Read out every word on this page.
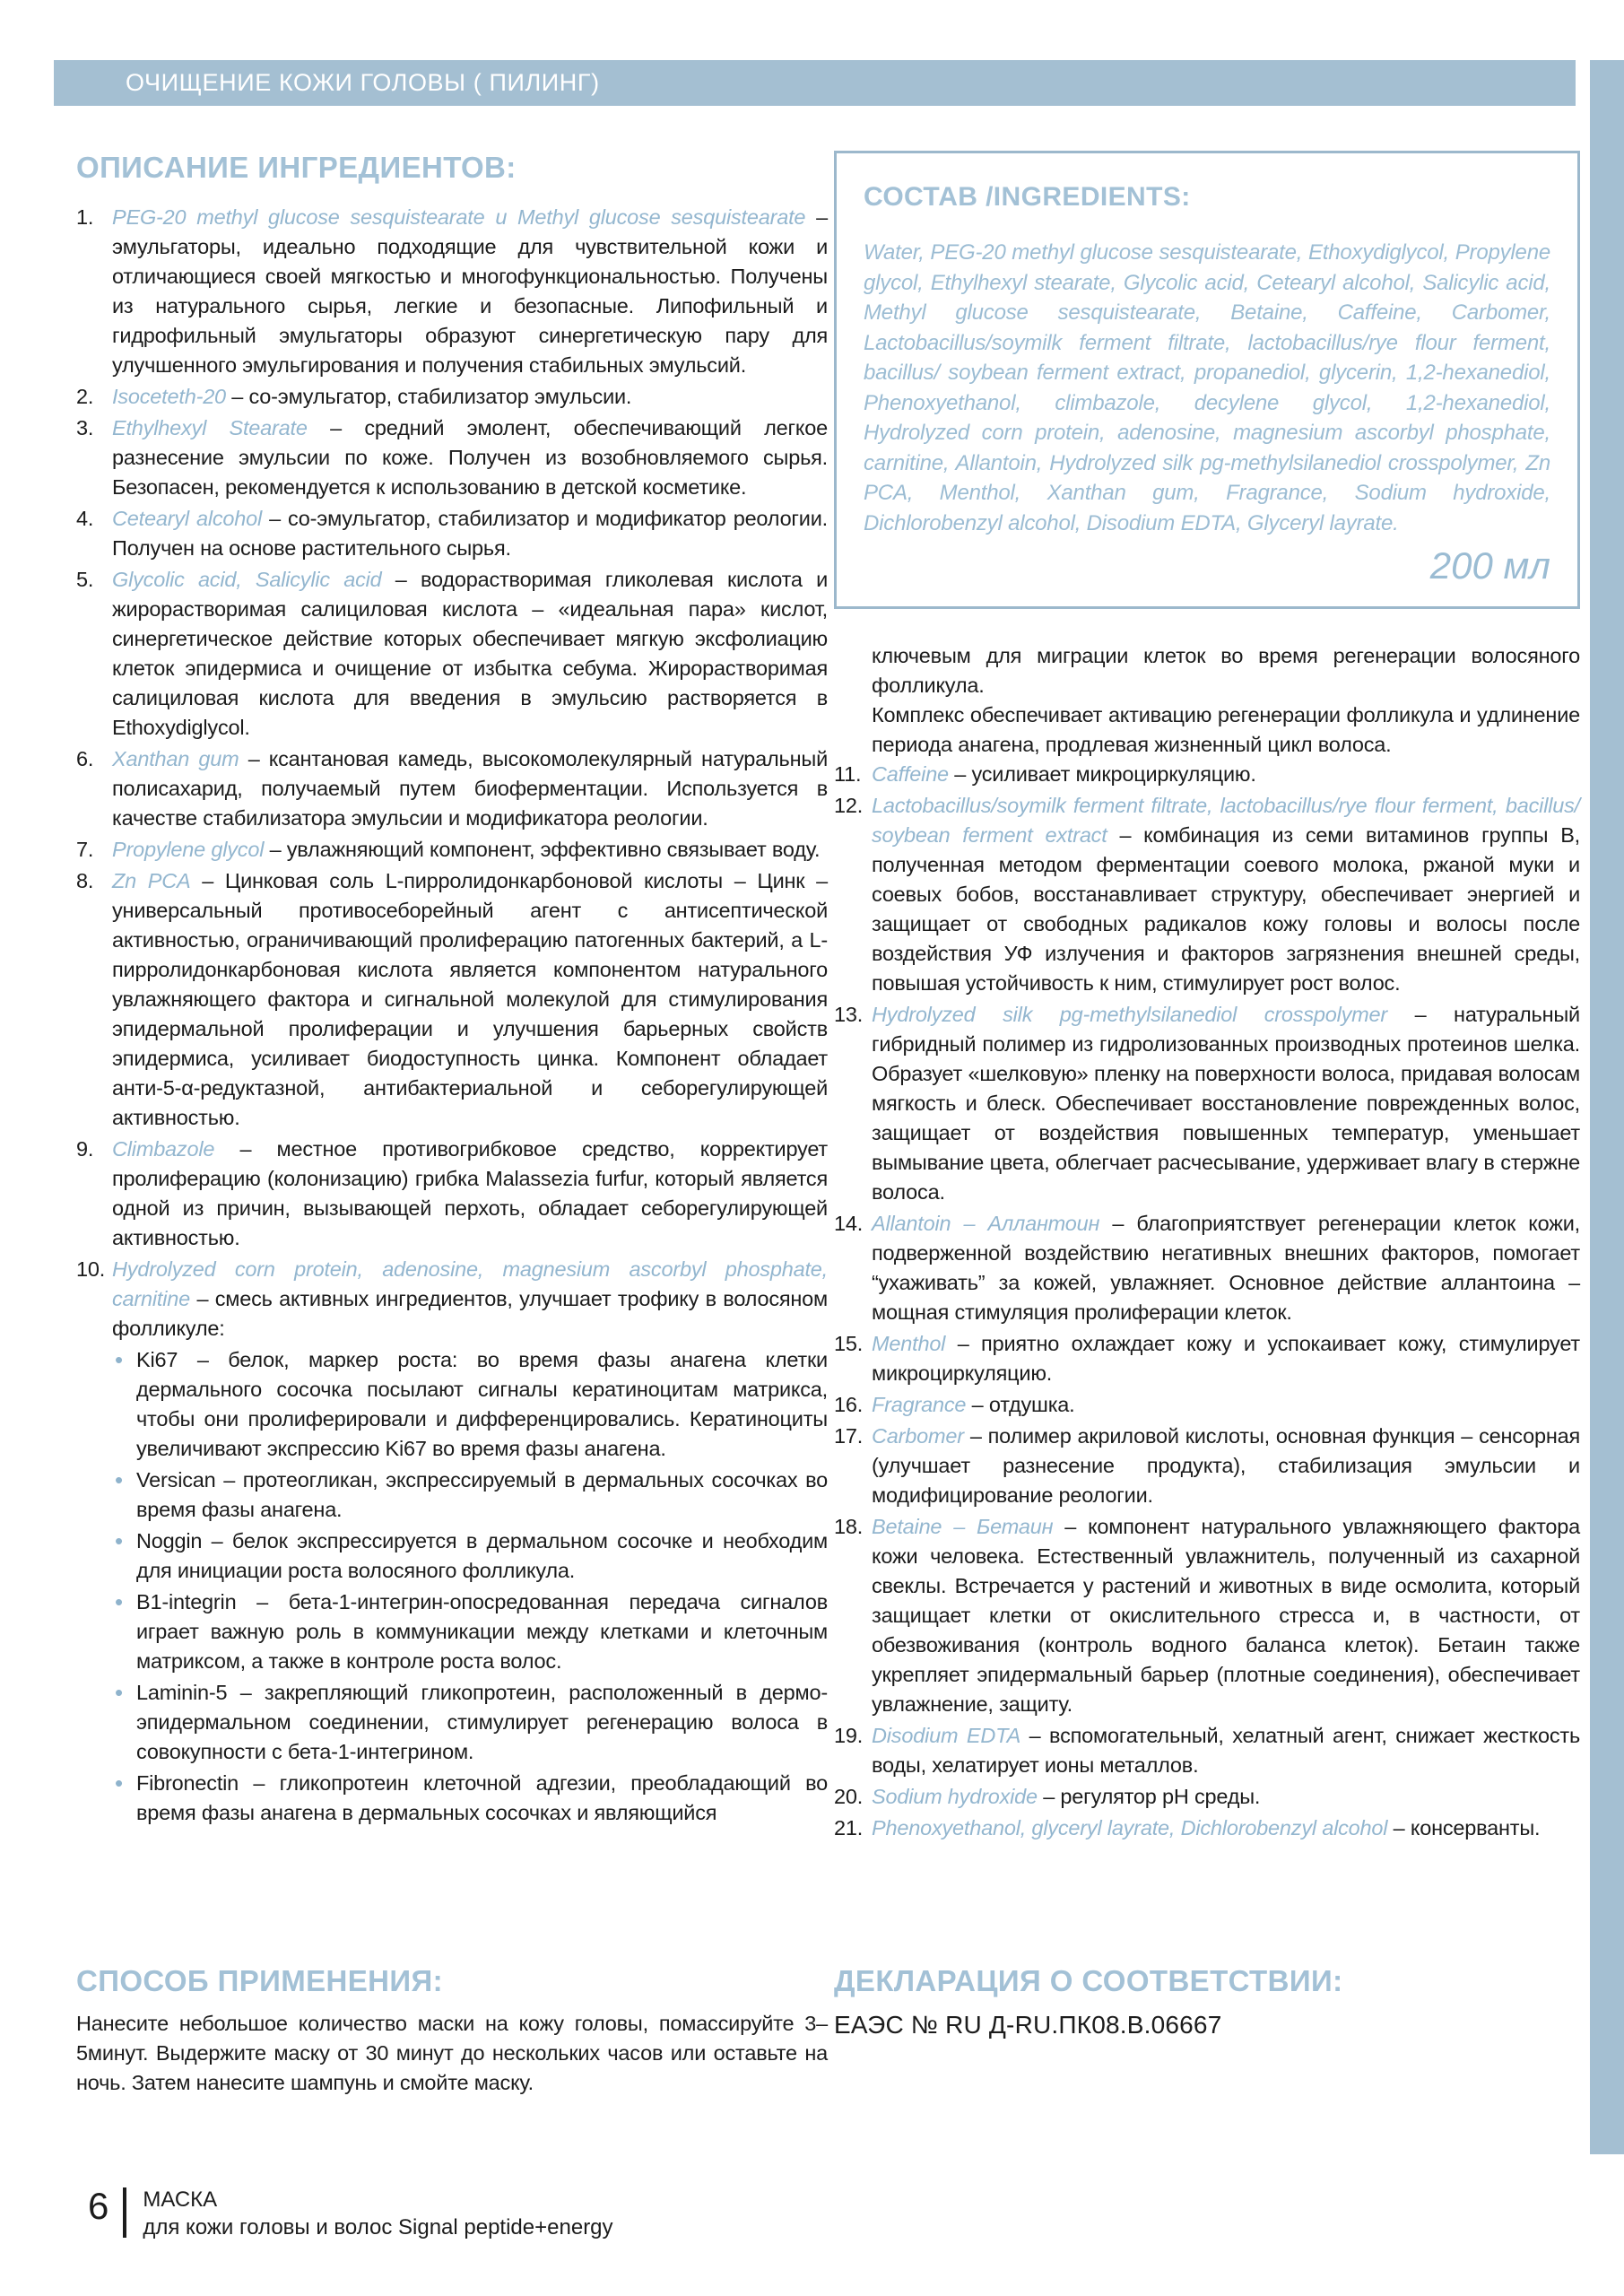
ОЧИЩЕНИЕ КОЖИ ГОЛОВЫ ( ПИЛИНГ)
ОПИСАНИЕ ИНГРЕДИЕНТОВ:
1. PEG-20 methyl glucose sesquistearate и Methyl glucose sesquistearate –эмульгаторы, идеально подходящие для чувствительной кожи и отличающиеся своей мягкостью и многофункциональностью. Получены из натурального сырья, легкие и безопасные. Липофильный и гидрофильный эмульгаторы образуют синергетическую пару для улучшенного эмульгирования и получения стабильных эмульсий.
2. Isoceteth-20 – со-эмульгатор, стабилизатор эмульсии.
3. Ethylhexyl Stearate – средний эмолент, обеспечивающий легкое разнесение эмульсии по коже. Получен из возобновляемого сырья. Безопасен, рекомендуется к использованию в детской косметике.
4. Cetearyl alcohol – со-эмульгатор, стабилизатор и модификатор реологии. Получен на основе растительного сырья.
5. Glycolic acid, Salicylic acid – водорастворимая гликолевая кислота и жирорастворимая салициловая кислота – «идеальная пара» кислот, синергетическое действие которых обеспечивает мягкую эксфолиацию клеток эпидермиса и очищение от избытка себума. Жирорастворимая салициловая кислота для введения в эмульсию растворяется в Ethoxydiglycol.
6. Xanthan gum – ксантановая камедь, высокомолекулярный натуральный полисахарид, получаемый путем биоферментации. Используется в качестве стабилизатора эмульсии и модификатора реологии.
7. Propylene glycol – увлажняющий компонент, эффективно связывает воду.
8. Zn PCA – Цинковая соль L-пирролидонкарбоновой кислоты – Цинк – универсальный противосеборейный агент с антисептической активностью, ограничивающий пролиферацию патогенных бактерий, а L-пирролидонкарбоновая кислота является компонентом натурального увлажняющего фактора и сигнальной молекулой для стимулирования эпидермальной пролиферации и улучшения барьерных свойств эпидермиса, усиливает биодоступность цинка. Компонент обладает анти-5-α-редуктазной, антибактериальной и себорегулирующей активностью.
9. Climbazole – местное противогрибковое средство, корректирует пролиферацию (колонизацию) грибка Malassezia furfur, который является одной из причин, вызывающей перхоть, обладает себорегулирующей активностью.
10. Hydrolyzed corn protein, adenosine, magnesium ascorbyl phosphate, carnitine – смесь активных ингредиентов, улучшает трофику в волосяном фолликуле:
• Ki67 – белок, маркер роста: во время фазы анагена клетки дермального сосочка посылают сигналы кератиноцитам матрикса, чтобы они пролиферировали и дифференцировались. Кератиноциты увеличивают экспрессию Ki67 во время фазы анагена.
• Versican – протеогликан, экспрессируемый в дермальных сосочках во время фазы анагена.
• Noggin – белок экспрессируется в дермальном сосочке и необходим для инициации роста волосяного фолликула.
• B1-integrin – бета-1-интегрин-опосредованная передача сигналов играет важную роль в коммуникации между клетками и клеточным матриксом, а также в контроле роста волос.
• Laminin-5 – закрепляющий гликопротеин, расположенный в дермо-эпидермальном соединении, стимулирует регенерацию волоса в совокупности с бета-1-интегрином.
• Fibronectin – гликопротеин клеточной адгезии, преобладающий во время фазы анагена в дермальных сосочках и являющийся
СОСТАВ /INGREDIENTS:

Water, PEG-20 methyl glucose sesquistearate, Ethoxydiglycol, Propylene glycol, Ethylhexyl stearate, Glycolic acid, Cetearyl alcohol, Salicylic acid, Methyl glucose sesquistearate, Betaine, Caffeine, Carbomer, Lactobacillus/soymilk ferment filtrate, lactobacillus/rye flour ferment, bacillus/ soybean ferment extract, propanediol, glycerin, 1,2-hexanediol, Phenoxyethanol, climbazole, decylene glycol, 1,2-hexanediol, Hydrolyzed corn protein, adenosine, magnesium ascorbyl phosphate, carnitine, Allantoin, Hydrolyzed silk pg-methylsilanediol crosspolymer, Zn PCA, Menthol, Xanthan gum, Fragrance, Sodium hydroxide, Dichlorobenzyl alcohol, Disodium EDTA, Glyceryl layrate.

200 мл

ключевым для миграции клеток во время регенерации волосяного фолликула.

Комплекс обеспечивает активацию регенерации фолликула и удлинение периода анагена, продлевая жизненный цикл волоса.

11. Caffeine – усиливает микроциркуляцию.
12. Lactobacillus/soymilk ferment filtrate, lactobacillus/rye flour ferment, bacillus/ soybean ferment extract – комбинация из семи витаминов группы В, полученная методом ферментации соевого молока, ржаной муки и соевых бобов, восстанавливает структуру, обеспечивает энергией и защищает от свободных радикалов кожу головы и волосы после воздействия УФ излучения и факторов загрязнения внешней среды, повышая устойчивость к ним, стимулирует рост волос.
13. Hydrolyzed silk pg-methylsilanediol crosspolymer – натуральный гибридный полимер из гидролизованных производных протеинов шелка. Образует «шелковую» пленку на поверхности волоса, придавая волосам мягкость и блеск. Обеспечивает восстановление поврежденных волос, защищает от воздействия повышенных температур, уменьшает вымывание цвета, облегчает расчесывание, удерживает влагу в стержне волоса.
14. Allantoin – Аллантоин – благоприятствует регенерации клеток кожи, подверженной воздействию негативных внешних факторов, помогает “ухаживать” за кожей, увлажняет. Основное действие аллантоина – мощная стимуляция пролиферации клеток.
15. Menthol – приятно охлаждает кожу и успокаивает кожу, стимулирует микроциркуляцию.
16. Fragrance – отдушка.
17. Carbomer – полимер акриловой кислоты, основная функция – сенсорная (улучшает разнесение продукта), стабилизация эмульсии и модифицирование реологии.
18. Betaine – Бетаин – компонент натурального увлажняющего фактора кожи человека. Естественный увлажнитель, полученный из сахарной свеклы. Встречается у растений и животных в виде осмолита, который защищает клетки от окислительного стресса и, в частности, от обезвоживания (контроль водного баланса клеток). Бетаин также укрепляет эпидермальный барьер (плотные соединения), обеспечивает увлажнение, защиту.
19. Disodium EDTA – вспомогательный, хелатный агент, снижает жесткость воды, хелатирует ионы металлов.
20. Sodium hydroxide – регулятор pH среды.
21. Phenoxyethanol, glyceryl layrate, Dichlorobenzyl alcohol – консерванты.
СПОСОБ ПРИМЕНЕНИЯ:

Нанесите небольшое количество маски на кожу головы, помассируйте 3–5минут. Выдержите маску от 30 минут до нескольких часов или оставьте на ночь. Затем нанесите шампунь и смойте маску.

ДЕКЛАРАЦИЯ О СООТВЕТСТВИИ:

ЕАЭС № RU Д-RU.ПК08.В.06667

6 МАСКА
для кожи головы и волос Signal peptide+energy
